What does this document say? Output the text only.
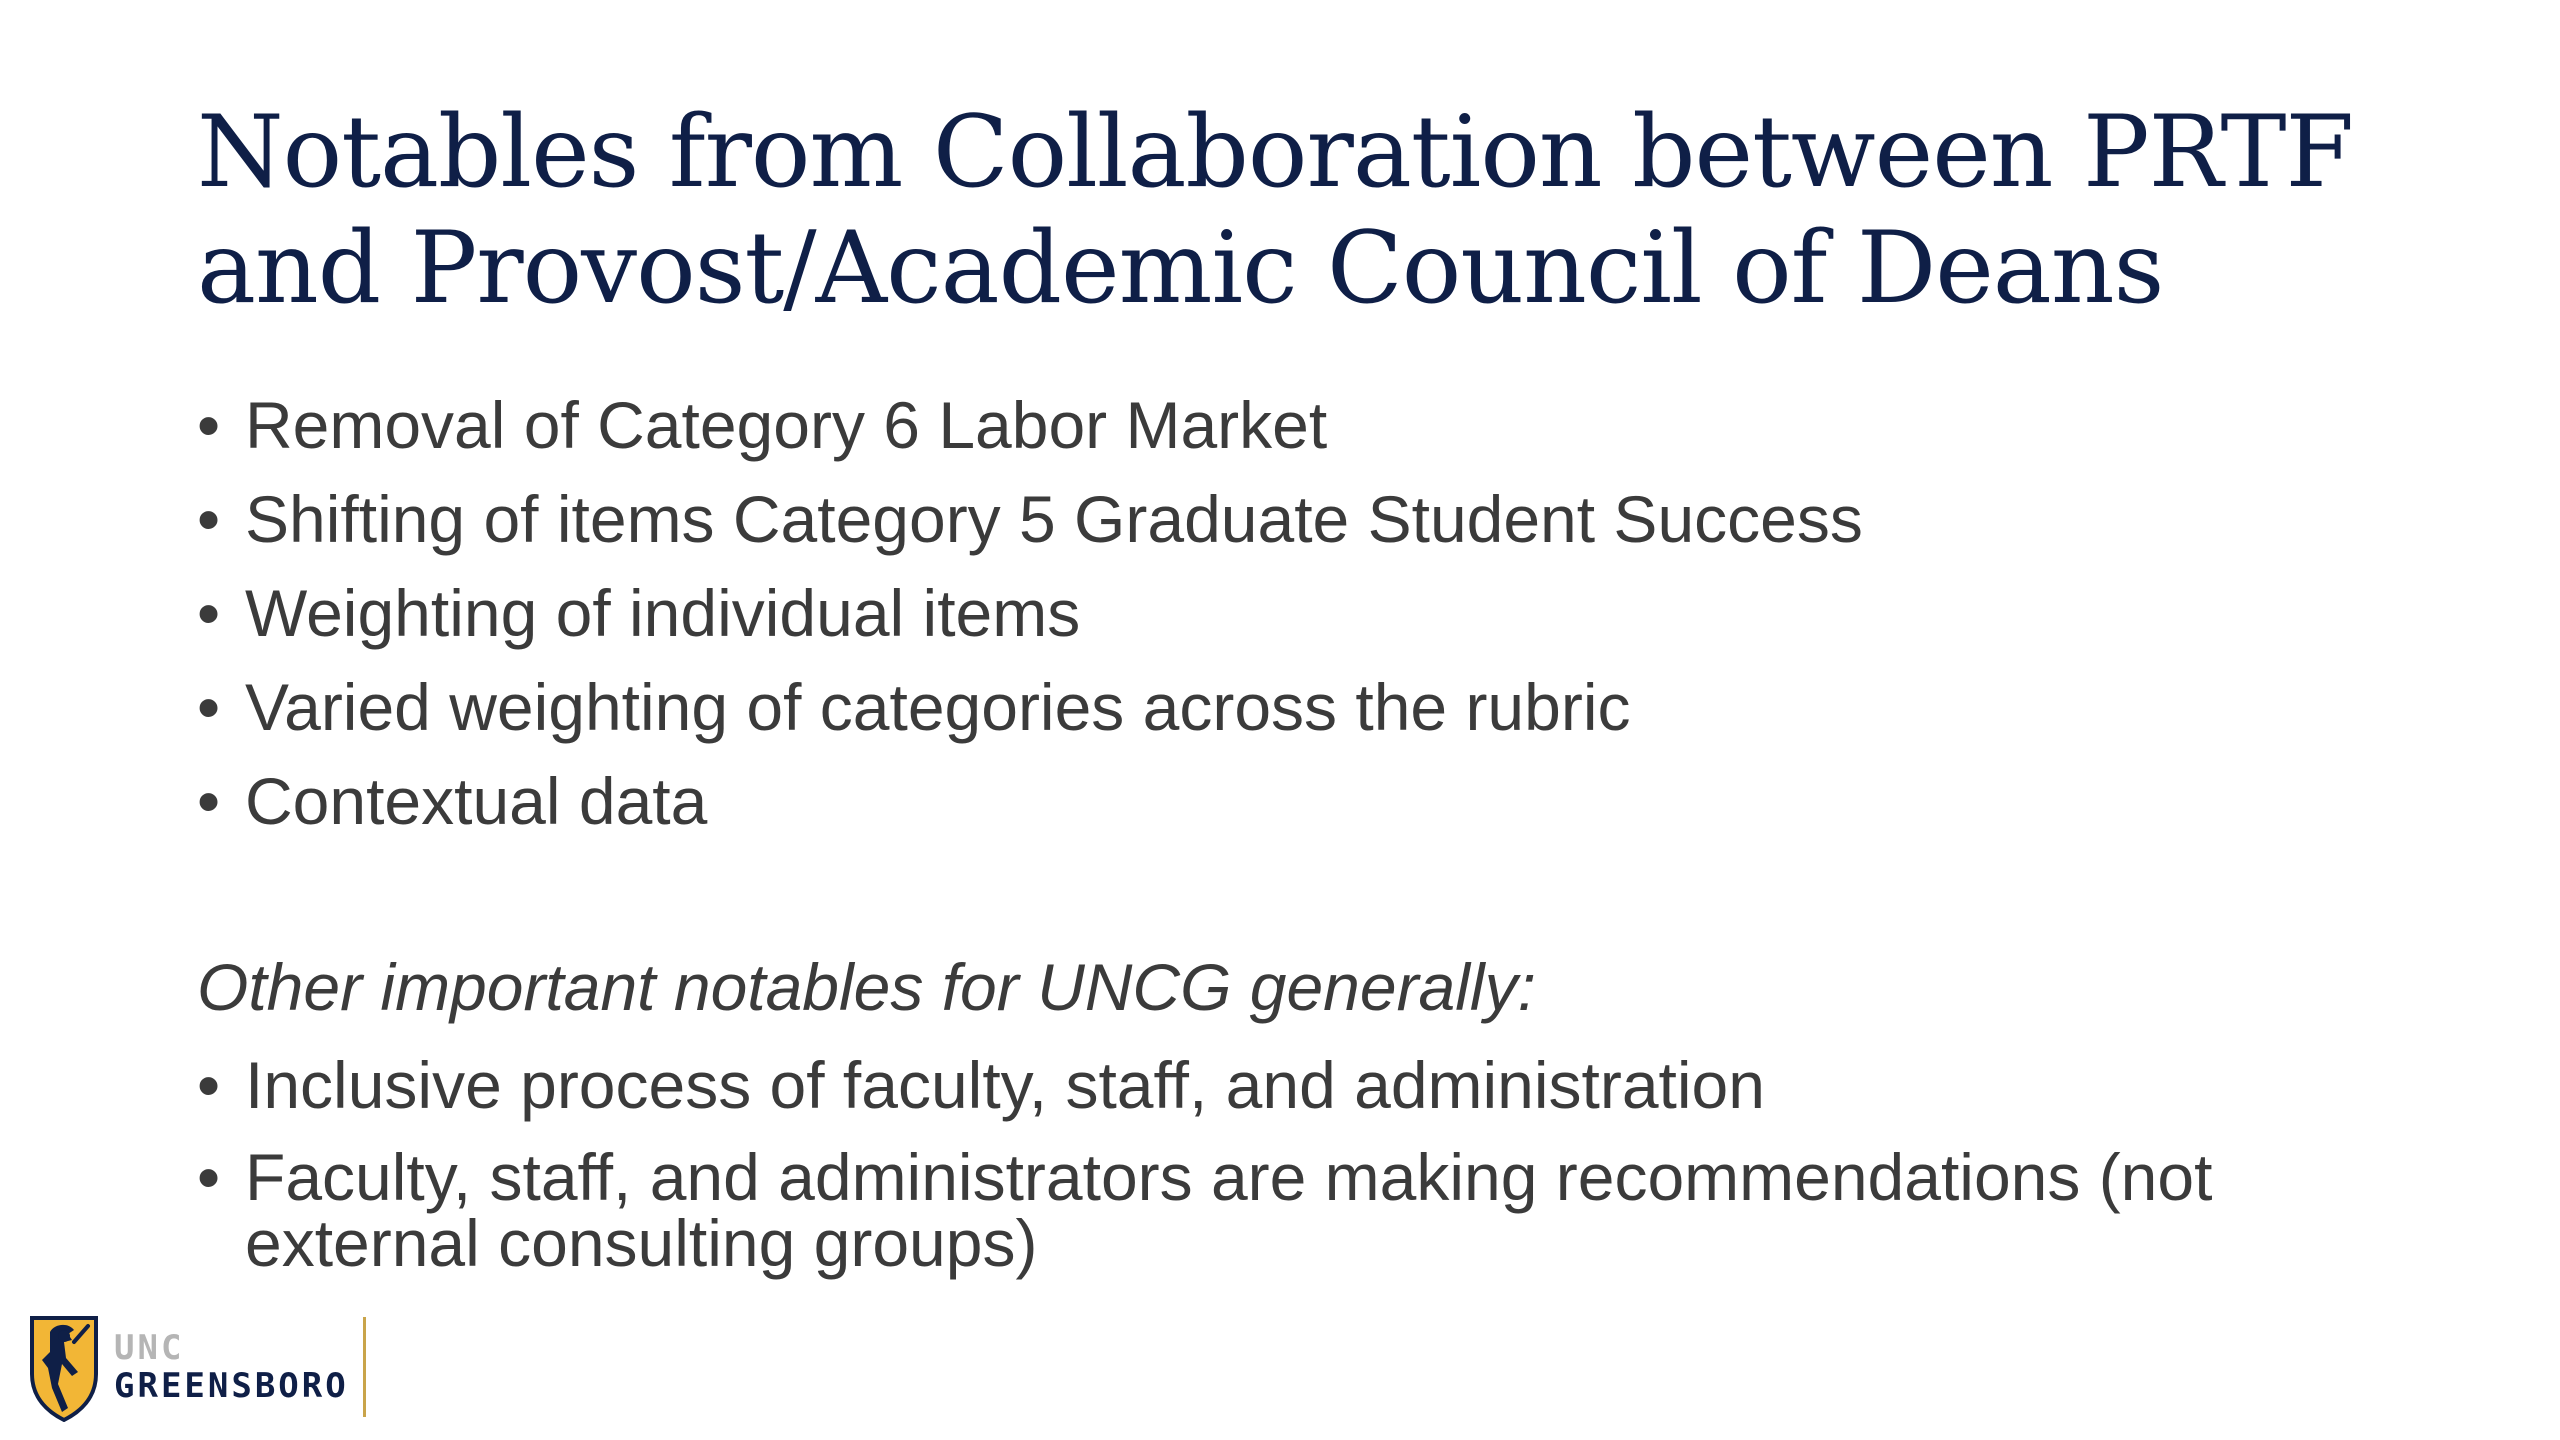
Notables from Collaboration between PRTF
and Provost/Academic Council of Deans
• Removal of Category 6 Labor Market
• Shifting of items Category 5 Graduate Student Success
• Weighting of individual items
• Varied weighting of categories across the rubric
• Contextual data

Other important notables for UNCG generally:

• Inclusive process of faculty, staff, and administration
• Faculty, staff, and administrators are making recommendations (not external consulting groups)
UNC
GREENSBORO
